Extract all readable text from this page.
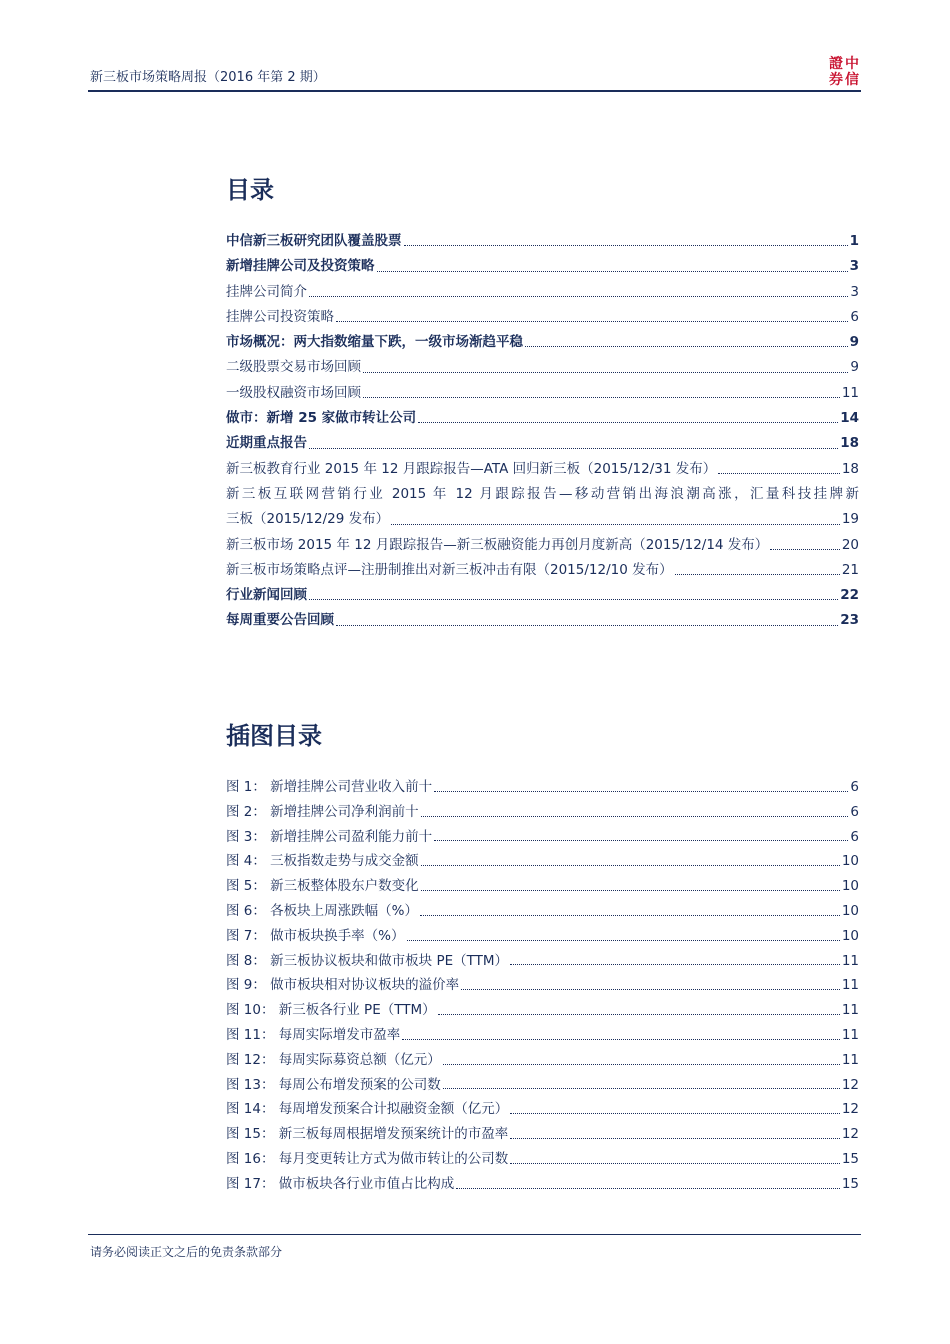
新三板市场策略周报（2016 年第 2 期）
證 中
券 信
目录
中信新三板研究团队覆盖股票	1
新增挂牌公司及投资策略	3
挂牌公司简介	3
挂牌公司投资策略	6
市场概况：两大指数缩量下跌，一级市场渐趋平稳	9
二级股票交易市场回顾	9
一级股权融资市场回顾	11
做市：新增 25 家做市转让公司	14
近期重点报告	18
新三板教育行业 2015 年 12 月跟踪报告—ATA 回归新三板（2015/12/31 发布）	18
新三板互联网营销行业 2015 年 12 月跟踪报告—移动营销出海浪潮高涨，汇量科技挂牌新
三板（2015/12/29 发布）	19
新三板市场 2015 年 12 月跟踪报告—新三板融资能力再创月度新高（2015/12/14 发布）	20
新三板市场策略点评—注册制推出对新三板冲击有限（2015/12/10 发布）	21
行业新闻回顾	22
每周重要公告回顾	23
插图目录
图 1： 新增挂牌公司营业收入前十	6
图 2： 新增挂牌公司净利润前十	6
图 3： 新增挂牌公司盈利能力前十	6
图 4： 三板指数走势与成交金额	10
图 5： 新三板整体股东户数变化	10
图 6： 各板块上周涨跌幅（%）	10
图 7： 做市板块换手率（%）	10
图 8： 新三板协议板块和做市板块 PE（TTM）	11
图 9： 做市板块相对协议板块的溢价率	11
图 10： 新三板各行业 PE（TTM）	11
图 11： 每周实际增发市盈率	11
图 12： 每周实际募资总额（亿元）	11
图 13： 每周公布增发预案的公司数	12
图 14： 每周增发预案合计拟融资金额（亿元）	12
图 15： 新三板每周根据增发预案统计的市盈率	12
图 16： 每月变更转让方式为做市转让的公司数	15
图 17： 做市板块各行业市值占比构成	15
请务必阅读正文之后的免责条款部分
